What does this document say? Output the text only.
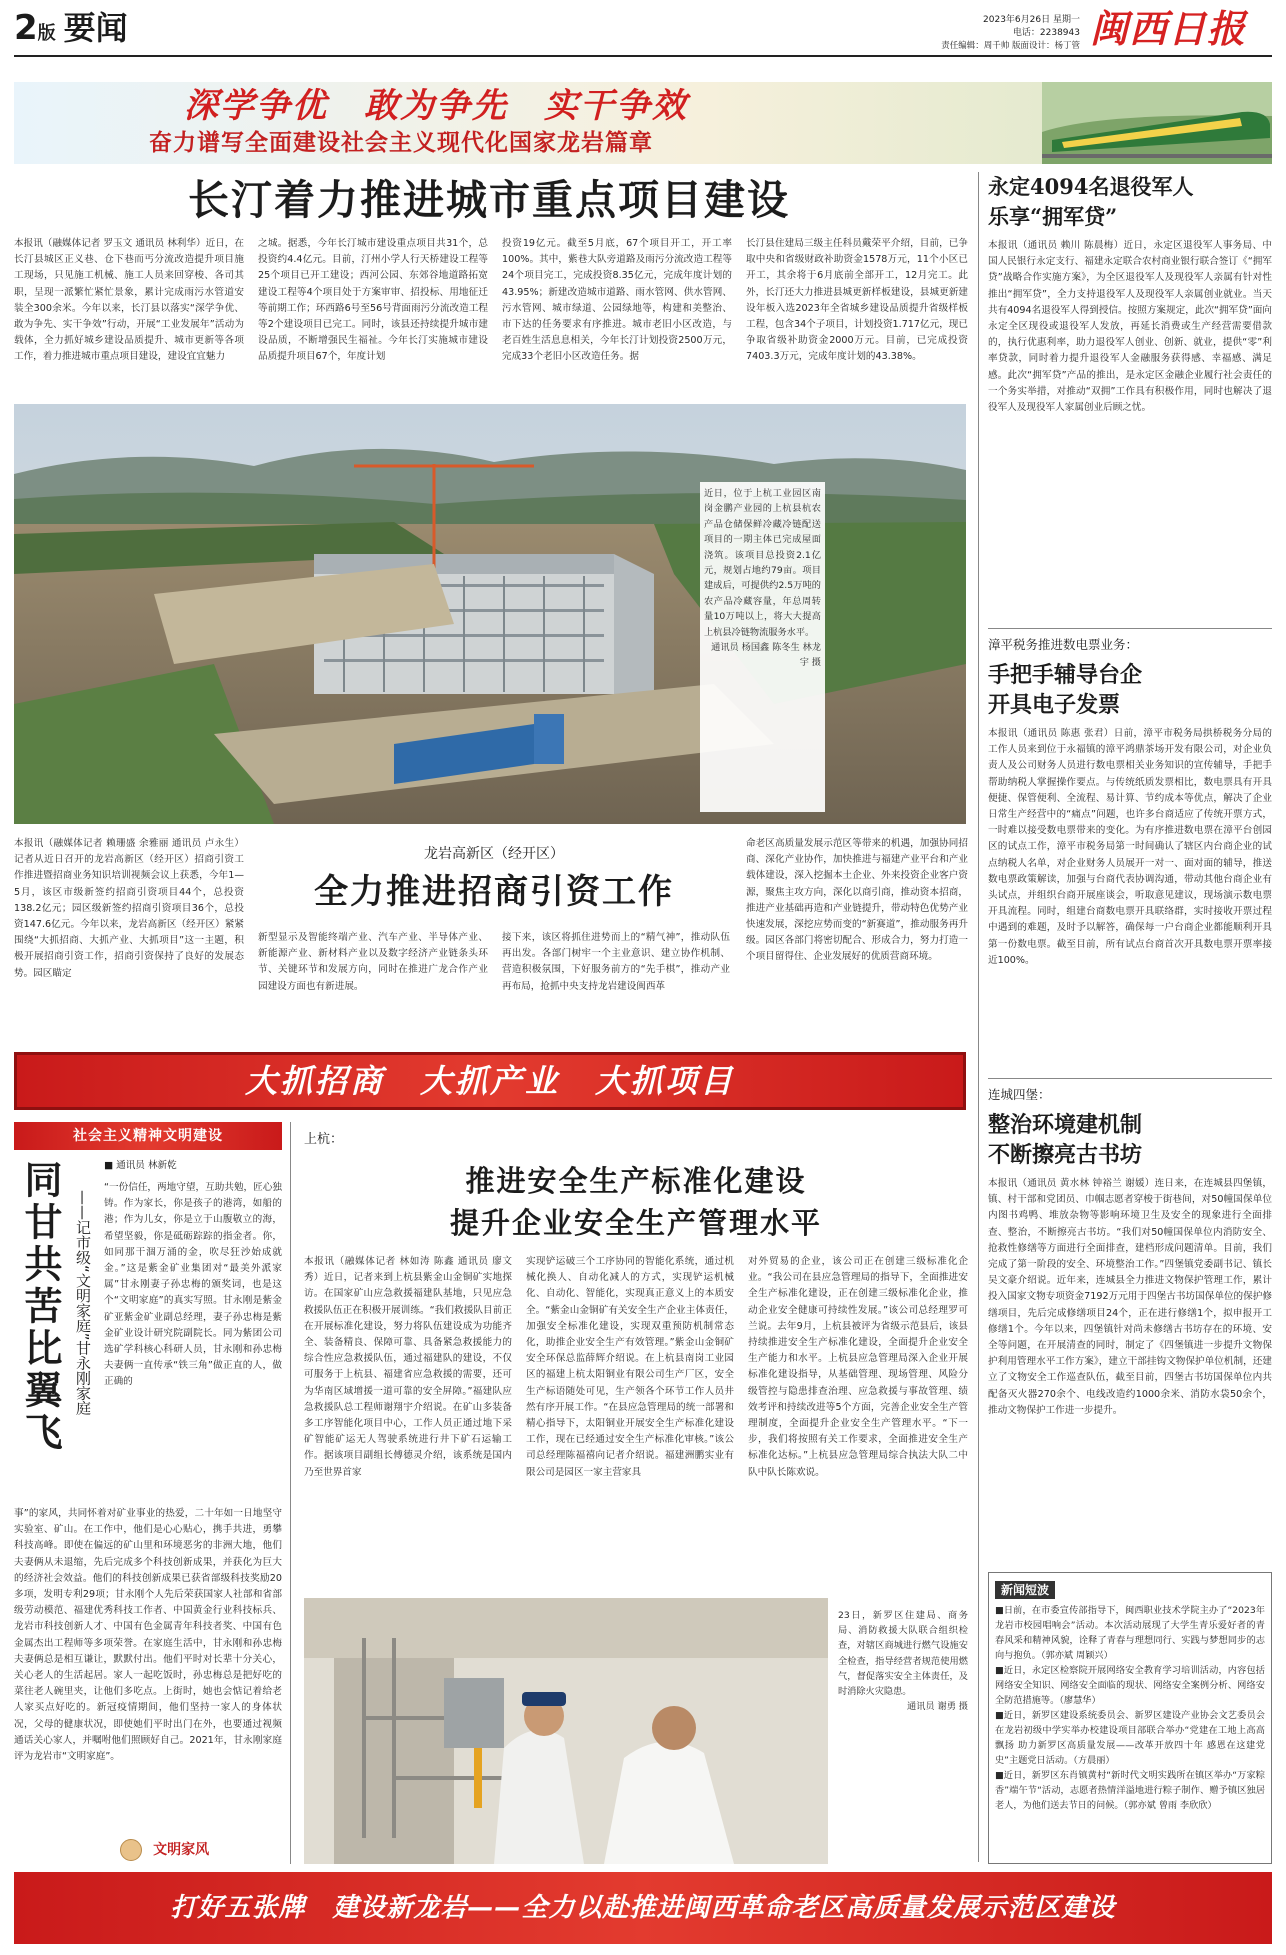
2版 要闻	2023年6月26日 星期一
电话：2238943
责任编辑：周千帅 版面设计：杨丁管 闽西日报
深学争优　敢为争先　实干争效
奋力谱写全面建设社会主义现代化国家龙岩篇章
长汀着力推进城市重点项目建设
本报讯（融媒体记者 罗玉文 通讯员 林利华）近日，在长汀县城区正义巷、仓下巷而丐分流改造提升项目施工现场，只见施工机械、施工人员来回穿梭、各司其职，呈现一派繁忙紧忙景象，累计完成雨污水管道安装全300余米。今年以来，长汀县以落实“深学争优、敢为争先、实干争效”行动，开展“工业发展年”活动为载体，全力抓好城乡建设品质提升、城市更新等各项工作，着力推进城市重点项目建设，建设宜宜魅力
之城。据悉，今年长汀城市建设重点项目共31个，总投资约4.4亿元。目前，汀州小学人行天桥建设工程等25个项目已开工建设；西河公园、东郊谷地道路拓宽建设工程等4个项目处于方案审审、招投标、用地征迁等前期工作；环西路6号至56号背面雨污分流改造工程等2个建设项目已完工。同时，该县还持续提升城市建设品质，不断增强民生福祉。今年长汀实施城市建设品质提升项目67个，年度计划
投资19亿元。截至5月底，67个项目开工，开工率100%。其中，紫巷大队旁道路及雨污分流改造工程等24个项目完工，完成投资8.35亿元，完成年度计划的43.95%；新建改造城市道路、雨水管网、供水管网、污水管网、城市绿道、公园绿地等，构建和美整治、市下达的任务要求有序推进。城市老旧小区改造，与老百姓生活息息相关，今年长汀计划投资2500万元，完成33个老旧小区改造任务。据
长汀县住建局三级主任科员戴荣平介绍，目前，已争取中央和省级财政补助资金1578万元，11个小区已开工，其余将于6月底前全部开工，12月完工。此外，长汀还大力推进县城更新样板建设，县城更新建设年板入选2023年全省城乡建设品质提升省级样板工程，包含34个子项目，计划投资1.717亿元，现已争取省级补助资金2000万元。目前，已完成投资7403.3万元，完成年度计划的43.38%。
近日，位于上杭工业园区南岗金鹏产业园的上杭县杭农产品仓储保鲜冷藏冷链配送项目的一期主体已完成屋面浇筑。该项目总投资2.1亿元，规划占地约79亩。项目建成后，可提供约2.5万吨的农产品冷藏容量，年总周转量10万吨以上，将大大提高上杭县冷链物流服务水平。
通讯员 杨国鑫 陈冬生 林龙宇 摄
本报讯（融媒体记者 赖珊盛 余雅丽 通讯员 卢永生）记者从近日召开的龙岩高新区（经开区）招商引资工作推进暨招商业务知识培训视频会议上获悉，今年1—5月，该区市级新签约招商引资项目44个，总投资138.2亿元；园区级新签约招商引资项目36个，总投资147.6亿元。今年以来，龙岩高新区（经开区）紧紧围绕“大抓招商、大抓产业、大抓项目”这一主题，积极开展招商引资工作，招商引资保持了良好的发展态势。园区瞄定
龙岩高新区（经开区）
全力推进招商引资工作
新型显示及智能终端产业、汽车产业、半导体产业、新能源产业、新材料产业以及数字经济产业链条头环节、关键环节和发展方向，同时在推进广龙合作产业园建设方面也有新进展。
接下来，该区将抓住进势而上的“精气神”，推动队伍再出发。各部门树牢一个主业意识、建立协作机制、营造积极氛围，下好服务前方的“先手棋”，推动产业再布局，抢抓中央支持龙岩建设闽西革
命老区高质量发展示范区等带来的机遇，加强协同招商、深化产业协作，加快推进与福建产业平台和产业载体建设，深入挖掘本土企业、外来投资企业客户资源，聚焦主攻方向，深化以商引商，推动资本招商，推进产业基础再造和产业链提升，带动特色优势产业快速发展，深挖应势而变的“新赛道”，推动服务再升级。园区各部门将密切配合、形成合力，努力打造一个项目留得住、企业发展好的优质营商环境。
大抓招商　大抓产业　大抓项目
永定4094名退役军人
乐享“拥军贷”
本报讯（通讯员 赖川 陈晨梅）近日，永定区退役军人事务局、中国人民银行永定支行、福建永定联合农村商业银行联合签订《“拥军贷”战略合作实施方案》，为全区退役军人及现役军人亲属有针对性推出“拥军贷”，全力支持退役军人及现役军人亲属创业就业。当天共有4094名退役军人得到授信。按照方案规定，此次“拥军贷”面向永定全区现役或退役军人发放，再延长消费或生产经营需要借款的，执行优惠利率，助力退役军人创业、创新、就业，提供“零”利率贷款，同时着力提升退役军人金融服务获得感、幸福感、满足感。此次“拥军贷”产品的推出，是永定区金融企业履行社会责任的一个务实举措，对推动“双拥”工作具有积极作用，同时也解决了退役军人及现役军人家属创业后顾之忧。
漳平税务推进数电票业务：
手把手辅导台企
开具电子发票
本报讯（通讯员 陈惠 张君）日前，漳平市税务局拱桥税务分局的工作人员来到位于永福镇的漳平鸿鼎茶场开发有限公司，对企业负责人及公司财务人员进行数电票相关业务知识的宣传辅导，手把手帮助纳税人掌握操作要点。与传统纸质发票相比，数电票具有开具便捷、保管便利、全流程、易计算、节约成本等优点，解决了企业日常生产经营中的“痛点”问题，也许多台商适应了传统开票方式，一时难以接受数电票带来的变化。为有序推进数电票在漳平台创园区的试点工作，漳平市税务局第一时间确认了辖区内台商企业的试点纳税人名单，对企业财务人员展开一对一、面对面的辅导，推送数电票政策解读，加强与台商代表协调沟通，带动其他台商企业有头试点，并组织台商开展座谈会，听取意见建议，现场演示数电票开具流程。同时，组建台商数电票开具联络群，实时接收开票过程中遇到的难题，及时予以解答，确保每一户台商企业都能顺利开具第一份数电票。截至目前，所有试点台商首次开具数电票开票率接近100%。
连城四堡：
整治环境建机制
不断擦亮古书坊
本报讯（通讯员 黄水林 钟裕兰 谢媛）连日来，在连城县四堡镇，镇、村干部和党团员、巾帼志愿者穿梭于街巷间，对50幢国保单位内图书鸡鸭、堆放杂物等影响环境卫生及安全的现象进行全面排查、整治，不断擦亮古书坊。“我们对50幢国保单位内消防安全、抢救性修缮等方面进行全面排查，建档形成问题清单。目前，我们完成了第一阶段的安全、环境整治工作。”四堡镇党委副书记、镇长吴文豪介绍说。近年来，连城县全力推进文物保护管理工作，累计投入国家文物专项资金7192万元用于四堡古书坊国保单位的保护修缮项目，先后完成修缮项目24个，正在进行修缮1个，拟申报开工修缮1个。今年以来，四堡镇针对尚未修缮古书坊存在的环境、安全等问题，在开展清查的同时，制定了《四堡镇进一步提升文物保护利用管理水平工作方案》，建立干部挂钩文物保护单位机制，还建立了文物安全工作巡查队伍，截至目前，四堡古书坊国保单位内共配备灭火器270余个、电线改造约1000余米、消防水袋50余个，推动文物保护工作进一步提升。
新闻短波
■日前，在市委宣传部指导下，闽西职业技术学院主办了“2023年龙岩市校园唱响会”活动。本次活动展现了大学生青乐爱好者的青春风采和精神风貌，诠释了青春与理想同行、实践与梦想同步的志向与抱负。（郭亦斌 周颖兴）
■近日，永定区检察院开展网络安全教育学习培训活动，内容包括网络安全知识、网络安全面临的现状、网络安全案例分析、网络安全防范措施等。（廖慧华）
■近日，新罗区建设系统委员会、新罗区建设产业协会文艺委员会在龙岩初级中学实举办校建设项目部联合举办“党建在工地上高高飘扬 助力新罗区高质量发展——改革开放四十年 感恩在这建党史”主题党日活动。（方晨丽）
■近日，新罗区东肖镇黄村“新时代文明实践所在镇区举办“万家粽香”端午节“活动，志愿者热情洋溢地进行粽子制作、赠予镇区独居老人，为他们送去节日的问候。（郭亦斌 曾雨 李欣欣）
社会主义精神文明建设
同甘共苦比翼飞 ——记市级“文明家庭”甘永刚家庭
■ 通讯员 林新乾
“一份信任，两地守望，互助共勉，匠心独铸。作为家长，你是孩子的港湾，如船的港；作为儿女，你是立于山腹敬立的海，希望坚毅，你是砥砺踪踪的指金者。你，如同那干涸万涌的金，吹尽狂沙始成就金。”这是紫金矿业集团对“最美外派家属”甘永刚妻子孙忠梅的颁奖词，也是这个“文明家庭”的真实写照。甘永刚是紫金矿亚紫金矿业副总经理，妻子孙忠梅是紫金矿业设计研究院副院长。同为紫团公司选矿学科核心科研人员，甘永刚和孙忠梅夫妻俩一直传承“铁三角”做正直的人，做正确的
事”的家风，共同怀着对矿业事业的热爱，二十年如一日地坚守实验室、矿山。在工作中，他们是心心贴心，携手共进，勇攀科技高峰。即使在偏远的矿山里和环境恶劣的非洲大地，他们夫妻俩从未退缩，先后完成多个科技创新成果，并获化为巨大的经济社会效益。他们的科技创新成果已获省部级科技奖励20多项，发明专利29项；甘永刚个人先后荣获国家人社部和省部级劳动模范、福建优秀科技工作者、中国黄金行业科技标兵、龙岩市科技创新人才、中国有色金属青年科技者奖、中国有色金属杰出工程师等多项荣誉。在家庭生活中，甘永刚和孙忠梅夫妻俩总是相互谦让，默默付出。他们平时对长辈十分关心，关心老人的生活起居。家人一起吃饭时，孙忠梅总是把好吃的菜往老人碗里夹，让他们多吃点。上街时，她也会惦记着给老人家买点好吃的。新冠疫情期间，他们坚持一家人的身体状况，父母的健康状况，即使她们平时出门在外，也要通过视频通话关心家人，并嘱咐他们照顾好自己。2021年，甘永刚家庭评为龙岩市“文明家庭”。
文明家风
上杭：
推进安全生产标准化建设
提升企业安全生产管理水平
本报讯（融媒体记者 林如涛 陈鑫 通讯员 廖文秀）近日，记者来到上杭县紫金山金铜矿实地探访。在国家矿山应急救援福建队基地，只见应急救援队伍正在积极开展训练。“我们救援队目前正在开展标准化建设，努力将队伍建设成为功能齐全、装备精良、保障可靠、具备紧急救援能力的综合性应急救援队伍，通过福建队的建设，不仅可服务于上杭县、福建省应急救援的需要，还可为华南区域增援一道可靠的安全屏障。”福建队应急救援队总工程师谢翔宇介绍说。在矿山多装备多工序智能化项目中心，工作人员正通过地下采矿智能矿运无人驾驶系统进行井下矿石运输工作。据该项目副组长傅德灵介绍，该系统是国内乃至世界首家
实现铲运破三个工序协同的智能化系统，通过机械化换人、自动化减人的方式，实现铲运机械化、自动化、智能化，实现真正意义上的本质安全。“紫金山金铜矿有关安全生产企业主体责任，加强安全标准化建设，实现双重预防机制常态化，助推企业安全生产有效管理。”紫金山金铜矿安全环保总监薛辉介绍说。在上杭县南岗工业园区的福建上杭太阳铜业有限公司生产厂区，安全生产标语随处可见，生产领各个环节工作人员井然有序开展工作。“在县应急管理局的统一部署和精心指导下，太阳铜业开展安全生产标准化建设工作，现在已经通过安全生产标准化审核。”该公司总经理陈福禧向记者介绍说。福建洲鹏实业有限公司是园区一家主营家具
对外贸易的企业，该公司正在创建三级标准化企业。“我公司在县应急管理局的指导下，全面推进安全生产标准化建设，正在创建三级标准化企业，推动企业安全健康可持续性发展。”该公司总经理罗可兰说。去年9月，上杭县被评为省级示范县后，该县持续推进安全生产标准化建设，全面提升企业安全生产能力和水平。上杭县应急管理局深入企业开展标准化建设指导，从基础管理、现场管理、风险分级管控与隐患排查治理、应急救援与事故管理、绩效考评和持续改进等5个方面，完善企业安全生产管理制度，全面提升企业安全生产管理水平。“下一步，我们将按照有关工作要求，全面推进安全生产标准化达标。”上杭县应急管理局综合执法大队二中队中队长陈欢说。
23日，新罗区住建局、商务局、消防救援大队联合组织检查，对辖区商城进行燃气设施安全检查，指导经营者规范使用燃气，督促落实安全主体责任，及时消除火灾隐患。
通讯员 谢勇 摄
打好五张牌　建设新龙岩——全力以赴推进闽西革命老区高质量发展示范区建设
